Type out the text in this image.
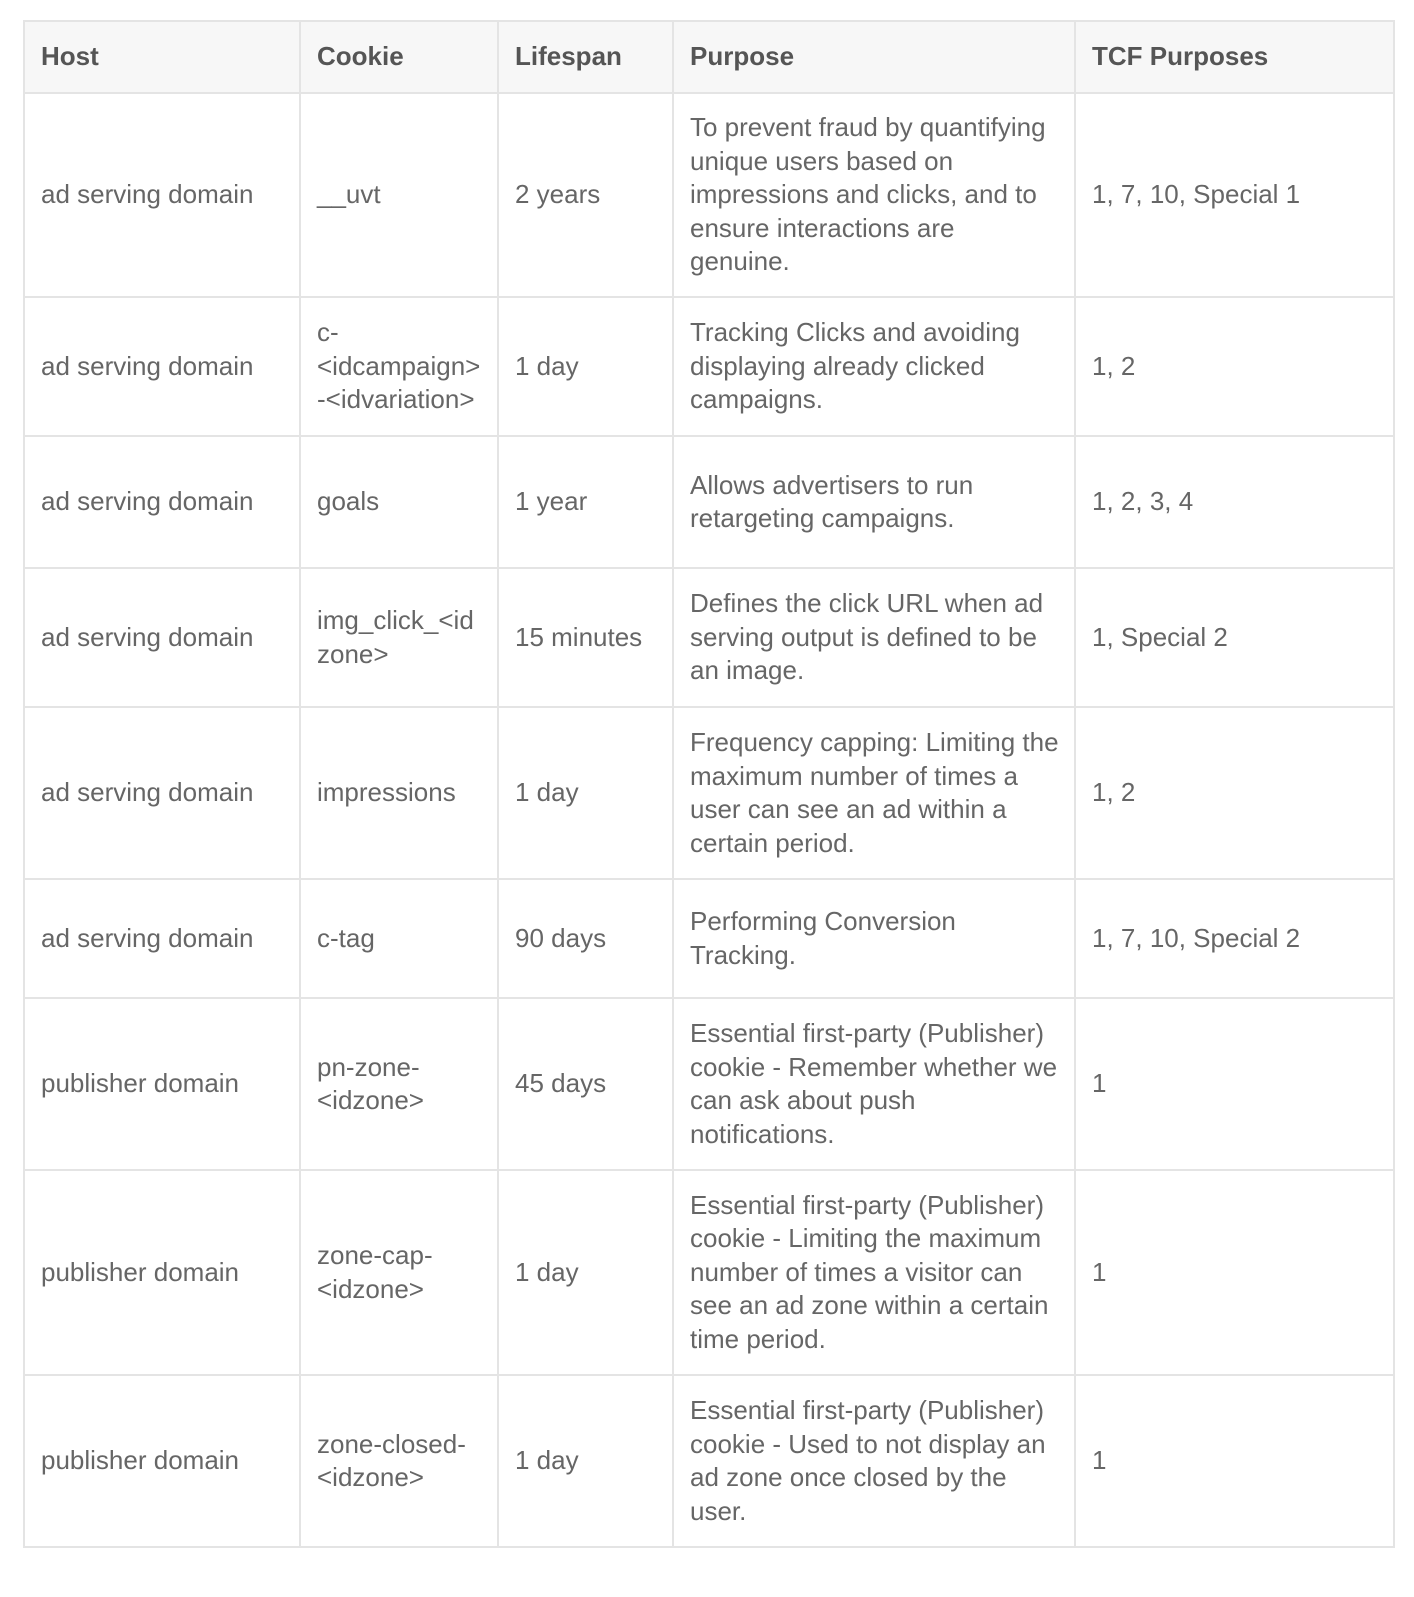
Host	Cookie	Lifespan	Purpose	TCF Purposes
ad serving domain	__uvt	2 years	To prevent fraud by quantifying unique users based on impressions and clicks, and to ensure interactions are genuine.	1, 7, 10, Special 1
ad serving domain	c-<idcampaign>-<idvariation>	1 day	Tracking Clicks and avoiding displaying already clicked campaigns.	1, 2
ad serving domain	goals	1 year	Allows advertisers to run retargeting campaigns.	1, 2, 3, 4
ad serving domain	img_click_<idzone>	15 minutes	Defines the click URL when ad serving output is defined to be an image.	1, Special 2
ad serving domain	impressions	1 day	Frequency capping: Limiting the maximum number of times a user can see an ad within a certain period.	1, 2
ad serving domain	c-tag	90 days	Performing Conversion Tracking.	1, 7, 10, Special 2
publisher domain	pn-zone-<idzone>	45 days	Essential first-party (Publisher) cookie - Remember whether we can ask about push notifications.	1
publisher domain	zone-cap-<idzone>	1 day	Essential first-party (Publisher) cookie - Limiting the maximum number of times a visitor can see an ad zone within a certain time period.	1
publisher domain	zone-closed-<idzone>	1 day	Essential first-party (Publisher) cookie - Used to not display an ad zone once closed by the user.	1
